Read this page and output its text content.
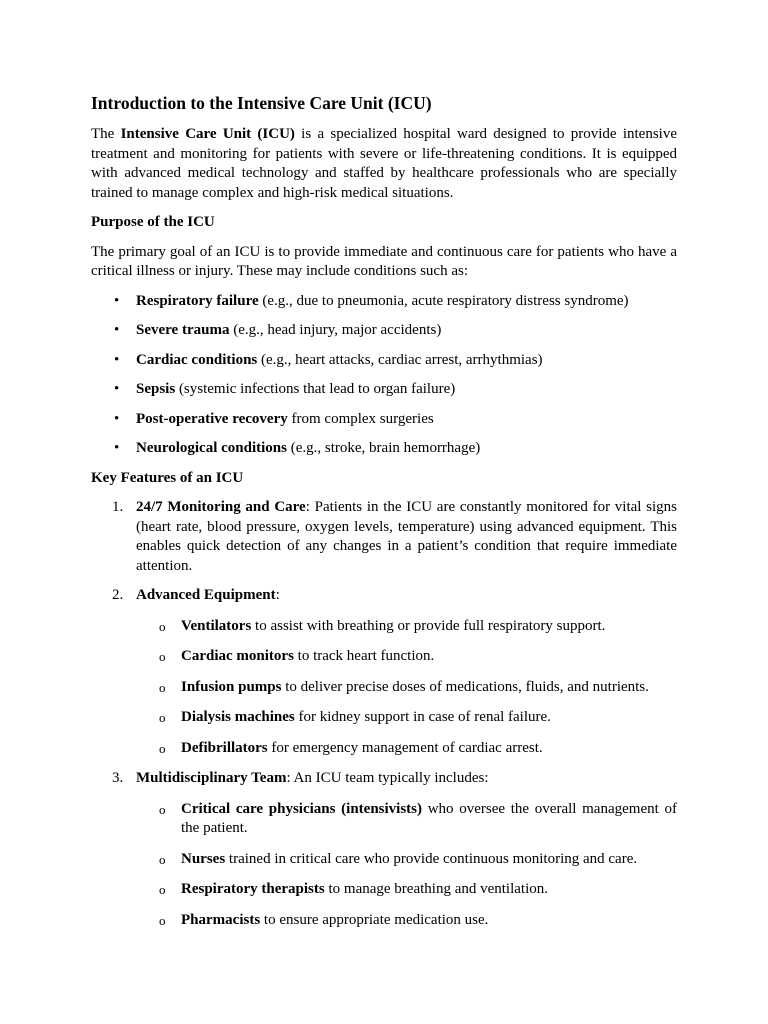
Introduction to the Intensive Care Unit (ICU)

The Intensive Care Unit (ICU) is a specialized hospital ward designed to provide intensive treatment and monitoring for patients with severe or life-threatening conditions. It is equipped with advanced medical technology and staffed by healthcare professionals who are specially trained to manage complex and high-risk medical situations.

Purpose of the ICU

The primary goal of an ICU is to provide immediate and continuous care for patients who have a critical illness or injury. These may include conditions such as:

• Respiratory failure (e.g., due to pneumonia, acute respiratory distress syndrome)
• Severe trauma (e.g., head injury, major accidents)
• Cardiac conditions (e.g., heart attacks, cardiac arrest, arrhythmias)
• Sepsis (systemic infections that lead to organ failure)
• Post-operative recovery from complex surgeries
• Neurological conditions (e.g., stroke, brain hemorrhage)
Key Features of an ICU
1. 24/7 Monitoring and Care: Patients in the ICU are constantly monitored for vital signs (heart rate, blood pressure, oxygen levels, temperature) using advanced equipment. This enables quick detection of any changes in a patient’s condition that require immediate attention.
2. Advanced Equipment:
o Ventilators to assist with breathing or provide full respiratory support.
o Cardiac monitors to track heart function.
o Infusion pumps to deliver precise doses of medications, fluids, and nutrients.
o Dialysis machines for kidney support in case of renal failure.
o Defibrillators for emergency management of cardiac arrest.
3. Multidisciplinary Team: An ICU team typically includes:
o Critical care physicians (intensivists) who oversee the overall management of the patient.
o Nurses trained in critical care who provide continuous monitoring and care.
o Respiratory therapists to manage breathing and ventilation.
o Pharmacists to ensure appropriate medication use.
